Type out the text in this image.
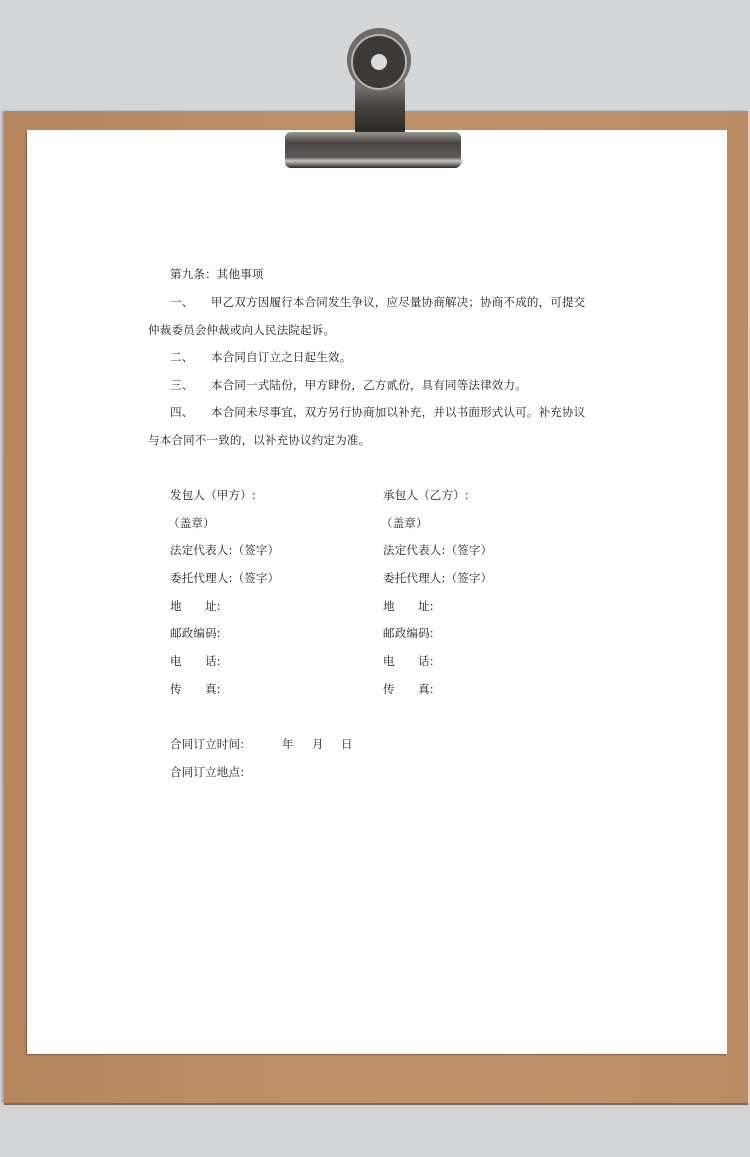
第九条：其他事项
一、 甲乙双方因履行本合同发生争议，应尽量协商解决；协商不成的，可提交
仲裁委员会仲裁或向人民法院起诉。
二、 本合同自订立之日起生效。
三、 本合同一式陆份，甲方肆份，乙方贰份，具有同等法律效力。
四、 本合同未尽事宜，双方另行协商加以补充，并以书面形式认可。补充协议
与本合同不一致的，以补充协议约定为准。
发包人（甲方）:
（盖章）
法定代表人:（签字）
委托代理人:（签字）
地　　址:
邮政编码:
电　　话:
传　　真:
承包人（乙方）:
（盖章）
法定代表人:（签字）
委托代理人:（签字）
地　　址:
邮政编码:
电　　话:
传　　真:
合同订立时间:	年 月 日
合同订立地点:
